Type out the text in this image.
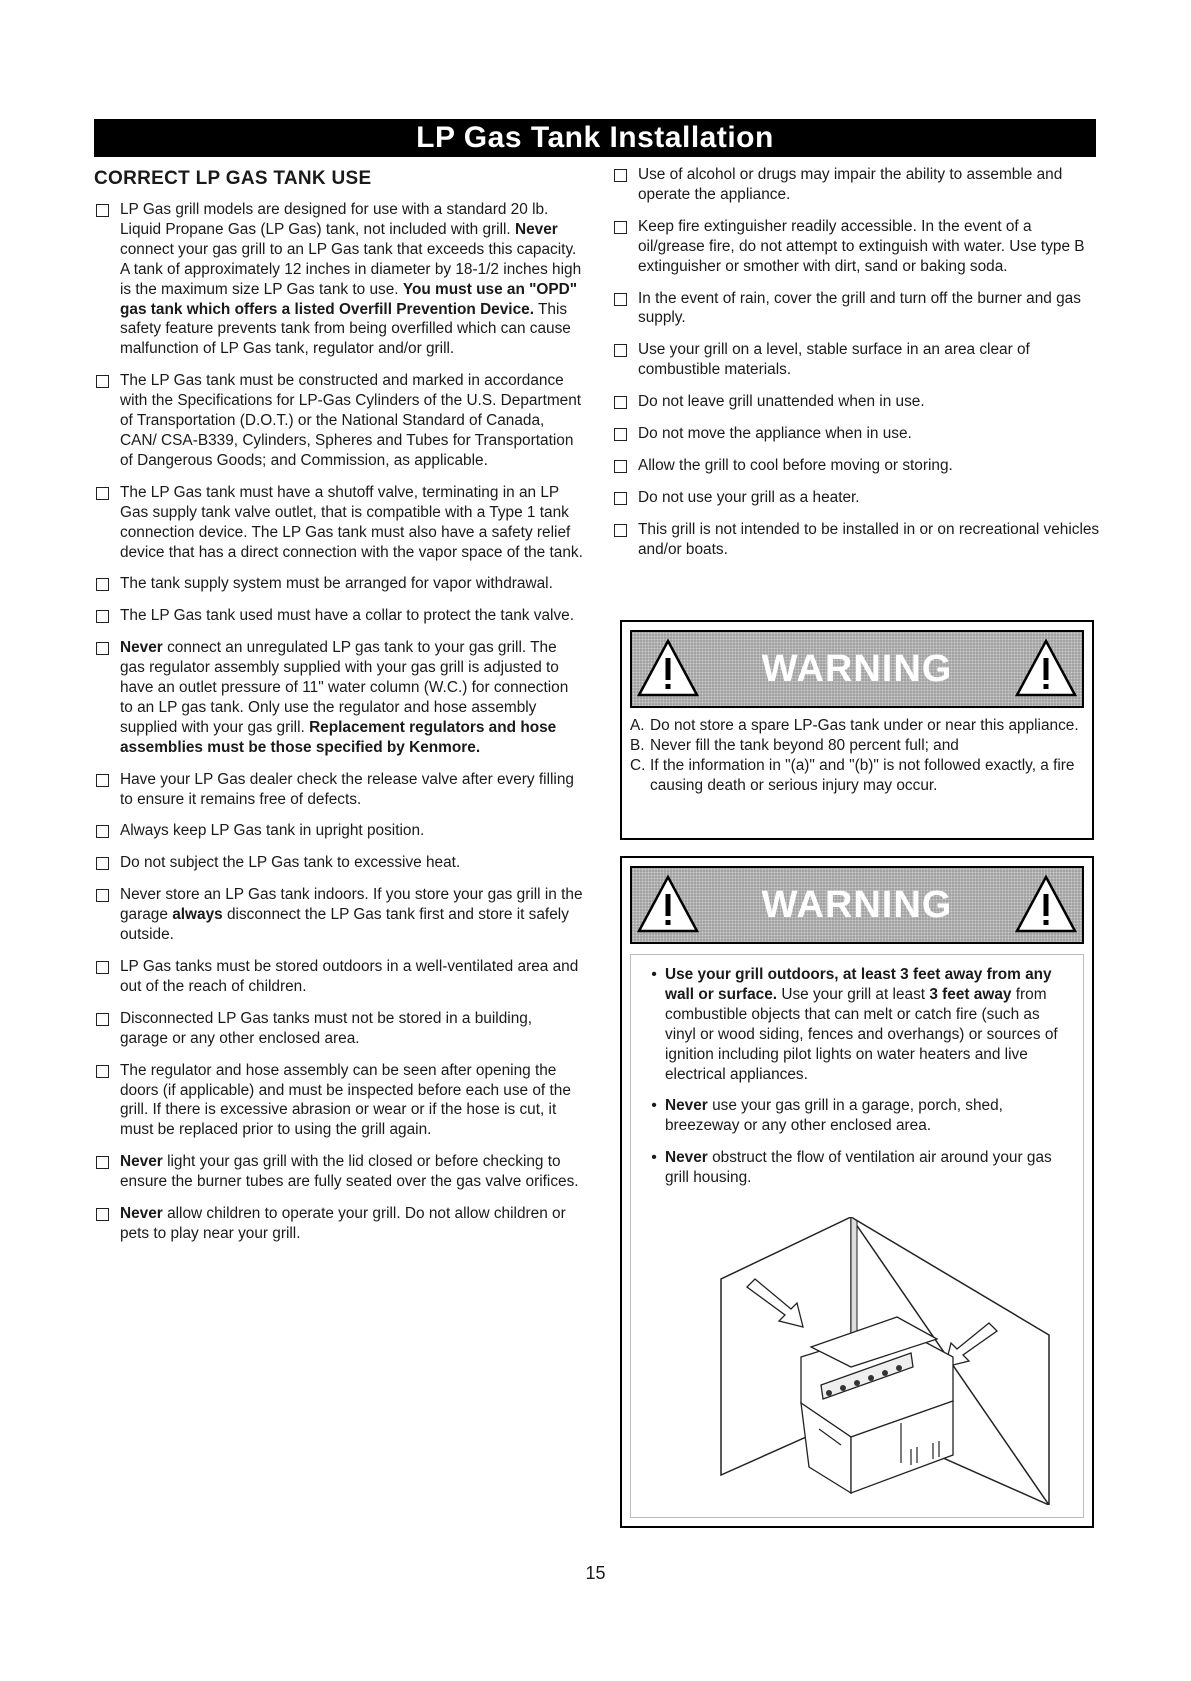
LP Gas Tank Installation
CORRECT LP GAS TANK USE
LP Gas grill models are designed for use with a standard 20 lb. Liquid Propane Gas (LP Gas) tank, not included with grill. Never connect your gas grill to an LP Gas tank that exceeds this capacity. A tank of approximately 12 inches in diameter by 18-1/2 inches high is the maximum size LP Gas tank to use. You must use an "OPD" gas tank which offers a listed Overfill Prevention Device. This safety feature prevents tank from being overfilled which can cause malfunction of LP Gas tank, regulator and/or grill.
The LP Gas tank must be constructed and marked in accordance with the Specifications for LP-Gas Cylinders of the U.S. Department of Transportation (D.O.T.) or the National Standard of Canada, CAN/ CSA-B339, Cylinders, Spheres and Tubes for Transportation of Dangerous Goods; and Commission, as applicable.
The LP Gas tank must have a shutoff valve, terminating in an LP Gas supply tank valve outlet, that is compatible with a Type 1 tank connection device. The LP Gas tank must also have a safety relief device that has a direct connection with the vapor space of the tank.
The tank supply system must be arranged for vapor withdrawal.
The LP Gas tank used must have a collar to protect the tank valve.
Never connect an unregulated LP gas tank to your gas grill. The gas regulator assembly supplied with your gas grill is adjusted to have an outlet pressure of 11" water column (W.C.) for connection to an LP gas tank. Only use the regulator and hose assembly supplied with your gas grill. Replacement regulators and hose assemblies must be those specified by Kenmore.
Have your LP Gas dealer check the release valve after every filling to ensure it remains free of defects.
Always keep LP Gas tank in upright position.
Do not subject the LP Gas tank to excessive heat.
Never store an LP Gas tank indoors. If you store your gas grill in the garage always disconnect the LP Gas tank first and store it safely outside.
LP Gas tanks must be stored outdoors in a well-ventilated area and out of the reach of children.
Disconnected LP Gas tanks must not be stored in a building, garage or any other enclosed area.
The regulator and hose assembly can be seen after opening the doors (if applicable) and must be inspected before each use of the grill. If there is excessive abrasion or wear or if the hose is cut, it must be replaced prior to using the grill again.
Never light your gas grill with the lid closed or before checking to ensure the burner tubes are fully seated over the gas valve orifices.
Never allow children to operate your grill. Do not allow children or pets to play near your grill.
Use of alcohol or drugs may impair the ability to assemble and operate the appliance.
Keep fire extinguisher readily accessible. In the event of a oil/grease fire, do not attempt to extinguish with water. Use type B extinguisher or smother with dirt, sand or baking soda.
In the event of rain, cover the grill and turn off the burner and gas supply.
Use your grill on a level, stable surface in an area clear of combustible materials.
Do not leave grill unattended when in use.
Do not move the appliance when in use.
Allow the grill to cool before moving or storing.
Do not use your grill as a heater.
This grill is not intended to be installed in or on recreational vehicles and/or boats.
WARNING
A. Do not store a spare LP-Gas tank under or near this appliance.
B. Never fill the tank beyond 80 percent full; and
C. If the information in "(a)" and "(b)" is not followed exactly, a fire causing death or serious injury may occur.
WARNING
• Use your grill outdoors, at least 3 feet away from any wall or surface. Use your grill at least 3 feet away from combustible objects that can melt or catch fire (such as vinyl or wood siding, fences and overhangs) or sources of ignition including pilot lights on water heaters and live electrical appliances.
• Never use your gas grill in a garage, porch, shed, breezeway or any other enclosed area.
• Never obstruct the flow of ventilation air around your gas grill housing.
15
